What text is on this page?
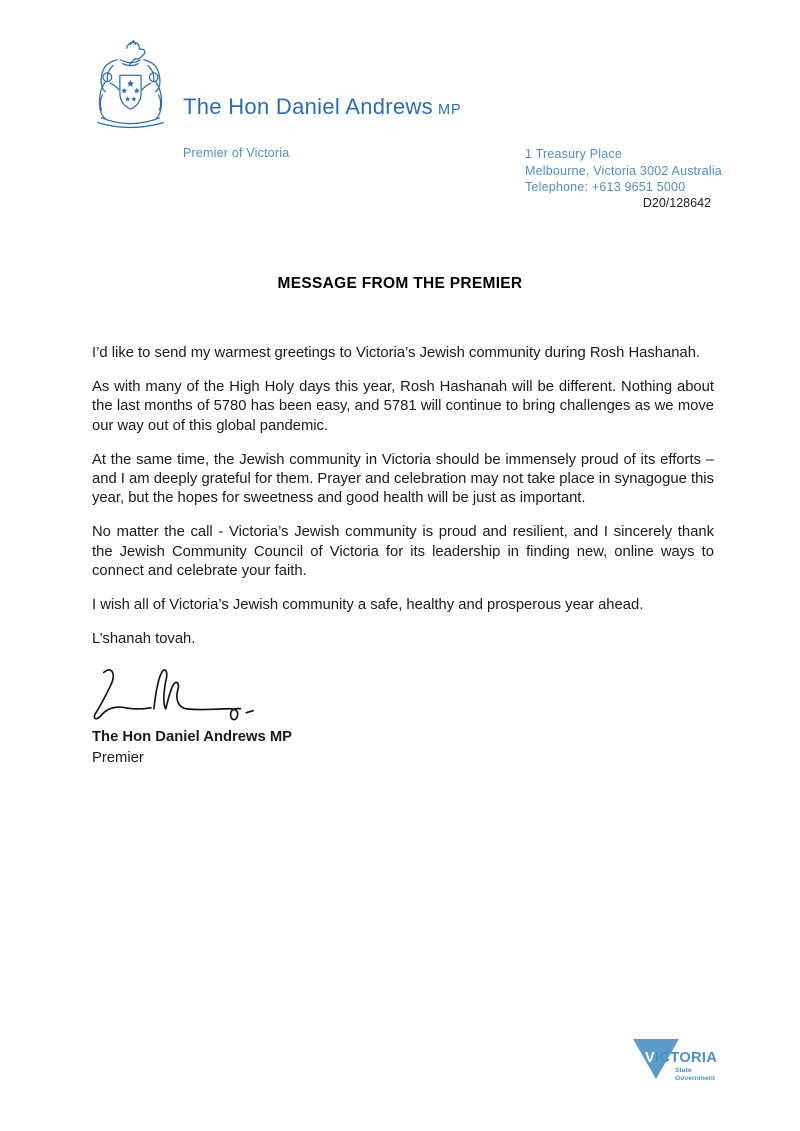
The Hon Daniel Andrews MP
Premier of Victoria	1 Treasury Place
Melbourne, Victoria 3002 Australia
Telephone: +613 9651 5000
D20/128642
MESSAGE FROM THE PREMIER

I’d like to send my warmest greetings to Victoria’s Jewish community during Rosh Hashanah.

As with many of the High Holy days this year, Rosh Hashanah will be different. Nothing about the last months of 5780 has been easy, and 5781 will continue to bring challenges as we move our way out of this global pandemic.

At the same time, the Jewish community in Victoria should be immensely proud of its efforts – and I am deeply grateful for them. Prayer and celebration may not take place in synagogue this year, but the hopes for sweetness and good health will be just as important.

No matter the call - Victoria’s Jewish community is proud and resilient, and I sincerely thank the Jewish Community Council of Victoria for its leadership in finding new, online ways to connect and celebrate your faith.

I wish all of Victoria’s Jewish community a safe, healthy and prosperous year ahead.

L’shanah tovah.

The Hon Daniel Andrews MP
Premier
VICTORIA
State
Government
